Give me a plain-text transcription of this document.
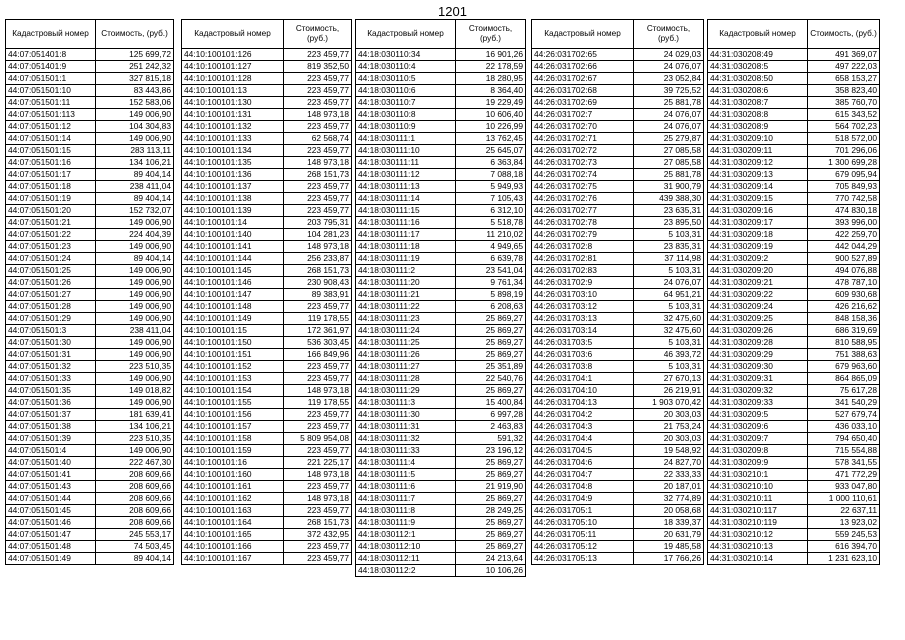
1201
Кадастровый номер	Стоимость, (руб.)
44:07:051401:8	125 699,72
44:07:051401:9	251 242,32
44:07:051501:1	327 815,18
44:07:051501:10	83 443,86
44:07:051501:11	152 583,06
44:07:051501:113	149 006,90
44:07:051501:12	104 304,83
44:07:051501:14	149 006,90
44:07:051501:15	283 113,11
44:07:051501:16	134 106,21
44:07:051501:17	89 404,14
44:07:051501:18	238 411,04
44:07:051501:19	89 404,14
44:07:051501:20	152 732,07
44:07:051501:21	149 006,90
44:07:051501:22	224 404,39
44:07:051501:23	149 006,90
44:07:051501:24	89 404,14
44:07:051501:25	149 006,90
44:07:051501:26	149 006,90
44:07:051501:27	149 006,90
44:07:051501:28	149 006,90
44:07:051501:29	149 006,90
44:07:051501:3	238 411,04
44:07:051501:30	149 006,90
44:07:051501:31	149 006,90
44:07:051501:32	223 510,35
44:07:051501:33	149 006,90
44:07:051501:35	149 018,82
44:07:051501:36	149 006,90
44:07:051501:37	181 639,41
44:07:051501:38	134 106,21
44:07:051501:39	223 510,35
44:07:051501:4	149 006,90
44:07:051501:40	222 467,30
44:07:051501:41	208 609,66
44:07:051501:43	208 609,66
44:07:051501:44	208 609,66
44:07:051501:45	208 609,66
44:07:051501:46	208 609,66
44:07:051501:47	245 553,17
44:07:051501:48	74 503,45
44:07:051501:49	89 404,14
Кадастровый номер	Стоимость, (руб.)
44:10:100101:126	223 459,77
44:10:100101:127	819 352,50
44:10:100101:128	223 459,77
44:10:100101:13	223 459,77
44:10:100101:130	223 459,77
44:10:100101:131	148 973,18
44:10:100101:132	223 459,77
44:10:100101:133	62 568,74
44:10:100101:134	223 459,77
44:10:100101:135	148 973,18
44:10:100101:136	268 151,73
44:10:100101:137	223 459,77
44:10:100101:138	223 459,77
44:10:100101:139	223 459,77
44:10:100101:14	203 795,31
44:10:100101:140	104 281,23
44:10:100101:141	148 973,18
44:10:100101:144	256 233,87
44:10:100101:145	268 151,73
44:10:100101:146	230 908,43
44:10:100101:147	89 383,91
44:10:100101:148	223 459,77
44:10:100101:149	119 178,55
44:10:100101:15	172 361,97
44:10:100101:150	536 303,45
44:10:100101:151	166 849,96
44:10:100101:152	223 459,77
44:10:100101:153	223 459,77
44:10:100101:154	148 973,18
44:10:100101:155	119 178,55
44:10:100101:156	223 459,77
44:10:100101:157	223 459,77
44:10:100101:158	5 809 954,08
44:10:100101:159	223 459,77
44:10:100101:16	221 225,17
44:10:100101:160	148 973,18
44:10:100101:161	223 459,77
44:10:100101:162	148 973,18
44:10:100101:163	223 459,77
44:10:100101:164	268 151,73
44:10:100101:165	372 432,95
44:10:100101:166	223 459,77
44:10:100101:167	223 459,77
Кадастровый номер	Стоимость, (руб.)
44:18:030110:34	16 901,26
44:18:030110:4	22 178,59
44:18:030110:5	18 280,95
44:18:030110:6	8 364,40
44:18:030110:7	19 229,49
44:18:030110:8	10 606,40
44:18:030110:9	10 226,99
44:18:030111:1	13 762,45
44:18:030111:10	25 645,07
44:18:030111:11	6 363,84
44:18:030111:12	7 088,18
44:18:030111:13	5 949,93
44:18:030111:14	7 105,43
44:18:030111:15	6 312,10
44:18:030111:16	5 518,78
44:18:030111:17	11 210,02
44:18:030111:18	4 949,65
44:18:030111:19	6 639,78
44:18:030111:2	23 541,04
44:18:030111:20	9 761,34
44:18:030111:21	5 898,19
44:18:030111:22	6 208,63
44:18:030111:23	25 869,27
44:18:030111:24	25 869,27
44:18:030111:25	25 869,27
44:18:030111:26	25 869,27
44:18:030111:27	25 351,89
44:18:030111:28	22 540,76
44:18:030111:29	25 869,27
44:18:030111:3	15 400,84
44:18:030111:30	6 997,28
44:18:030111:31	2 463,83
44:18:030111:32	591,32
44:18:030111:33	23 196,12
44:18:030111:4	25 869,27
44:18:030111:5	25 869,27
44:18:030111:6	21 919,90
44:18:030111:7	25 869,27
44:18:030111:8	28 249,25
44:18:030111:9	25 869,27
44:18:030112:1	25 869,27
44:18:030112:10	25 869,27
44:18:030112:11	24 213,64
44:18:030112:2	10 106,26
Кадастровый номер	Стоимость, (руб.)
44:26:031702:65	24 029,03
44:26:031702:66	24 076,07
44:26:031702:67	23 052,84
44:26:031702:68	39 725,52
44:26:031702:69	25 881,78
44:26:031702:7	24 076,07
44:26:031702:70	24 076,07
44:26:031702:71	25 279,87
44:26:031702:72	27 085,58
44:26:031702:73	27 085,58
44:26:031702:74	25 881,78
44:26:031702:75	31 900,79
44:26:031702:76	439 388,30
44:26:031702:77	23 635,31
44:26:031702:78	23 895,50
44:26:031702:79	5 103,31
44:26:031702:8	23 835,31
44:26:031702:81	37 114,98
44:26:031702:83	5 103,31
44:26:031702:9	24 076,07
44:26:031703:10	64 951,21
44:26:031703:12	5 103,31
44:26:031703:13	32 475,60
44:26:031703:14	32 475,60
44:26:031703:5	5 103,31
44:26:031703:6	46 393,72
44:26:031703:8	5 103,31
44:26:031704:1	27 670,13
44:26:031704:10	26 219,91
44:26:031704:13	1 903 070,42
44:26:031704:2	20 303,03
44:26:031704:3	21 753,24
44:26:031704:4	20 303,03
44:26:031704:5	19 548,92
44:26:031704:6	24 827,70
44:26:031704:7	22 333,33
44:26:031704:8	20 187,01
44:26:031704:9	32 774,89
44:26:031705:1	20 058,68
44:26:031705:10	18 339,37
44:26:031705:11	20 631,79
44:26:031705:12	19 485,58
44:26:031705:13	17 766,26
Кадастровый номер	Стоимость, (руб.)
44:31:030208:49	491 369,07
44:31:030208:5	497 222,03
44:31:030208:50	658 153,27
44:31:030208:6	358 823,40
44:31:030208:7	385 760,70
44:31:030208:8	615 343,52
44:31:030208:9	564 702,23
44:31:030209:10	518 572,00
44:31:030209:11	701 296,06
44:31:030209:12	1 300 699,28
44:31:030209:13	679 095,94
44:31:030209:14	705 849,93
44:31:030209:15	770 742,58
44:31:030209:16	474 830,18
44:31:030209:17	393 996,00
44:31:030209:18	422 259,70
44:31:030209:19	442 044,29
44:31:030209:2	900 527,89
44:31:030209:20	494 076,88
44:31:030209:21	478 787,10
44:31:030209:22	609 930,68
44:31:030209:24	426 216,62
44:31:030209:25	848 158,36
44:31:030209:26	686 319,69
44:31:030209:28	810 588,95
44:31:030209:29	751 388,63
44:31:030209:30	679 963,60
44:31:030209:31	864 865,09
44:31:030209:32	75 617,28
44:31:030209:33	341 540,29
44:31:030209:5	527 679,74
44:31:030209:6	436 033,10
44:31:030209:7	794 650,40
44:31:030209:8	715 554,88
44:31:030209:9	578 341,55
44:31:030210:1	471 772,29
44:31:030210:10	933 047,80
44:31:030210:11	1 000 110,61
44:31:030210:117	22 637,11
44:31:030210:119	13 923,02
44:31:030210:12	559 245,53
44:31:030210:13	616 394,70
44:31:030210:14	1 231 623,10
